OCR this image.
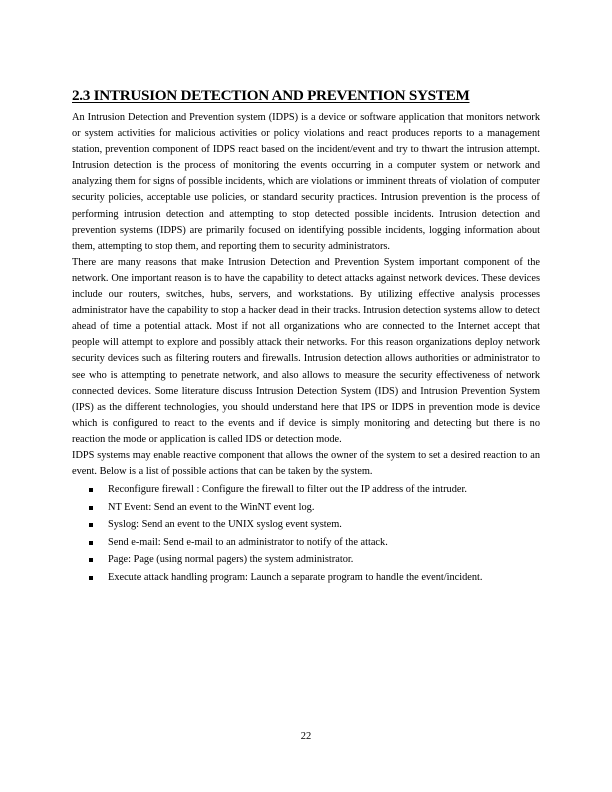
2.3 INTRUSION DETECTION AND PREVENTION SYSTEM

An Intrusion Detection and Prevention system (IDPS) is a device or software application that monitors network or system activities for malicious activities or policy violations and react produces reports to a management station, prevention component of IDPS react based on the incident/event and try to thwart the intrusion attempt. Intrusion detection is the process of monitoring the events occurring in a computer system or network and analyzing them for signs of possible incidents, which are violations or imminent threats of violation of computer security policies, acceptable use policies, or standard security practices. Intrusion prevention is the process of performing intrusion detection and attempting to stop detected possible incidents. Intrusion detection and prevention systems (IDPS) are primarily focused on identifying possible incidents, logging information about them, attempting to stop them, and reporting them to security administrators.

There are many reasons that make Intrusion Detection and Prevention System important component of the network. One important reason is to have the capability to detect attacks against network devices. These devices include our routers, switches, hubs, servers, and workstations. By utilizing effective analysis processes administrator have the capability to stop a hacker dead in their tracks. Intrusion detection systems allow to detect ahead of time a potential attack. Most if not all organizations who are connected to the Internet accept that people will attempt to explore and possibly attack their networks. For this reason organizations deploy network security devices such as filtering routers and firewalls. Intrusion detection allows authorities or administrator to see who is attempting to penetrate network, and also allows to measure the security effectiveness of network connected devices. Some literature discuss Intrusion Detection System (IDS) and Intrusion Prevention System (IPS) as the different technologies, you should understand here that IPS or IDPS in prevention mode is device which is configured to react to the events and if device is simply monitoring and detecting but there is no reaction the mode or application is called IDS or detection mode.

IDPS systems may enable reactive component that allows the owner of the system to set a desired reaction to an event. Below is a list of possible actions that can be taken by the system.

Reconfigure firewall : Configure the firewall to filter out the IP address of the intruder.
NT Event: Send an event to the WinNT event log.
Syslog: Send an event to the UNIX syslog event system.
Send e-mail: Send e-mail to an administrator to notify of the attack.
Page: Page (using normal pagers) the system administrator.
Execute attack handling program: Launch a separate program to handle the event/incident.
22
